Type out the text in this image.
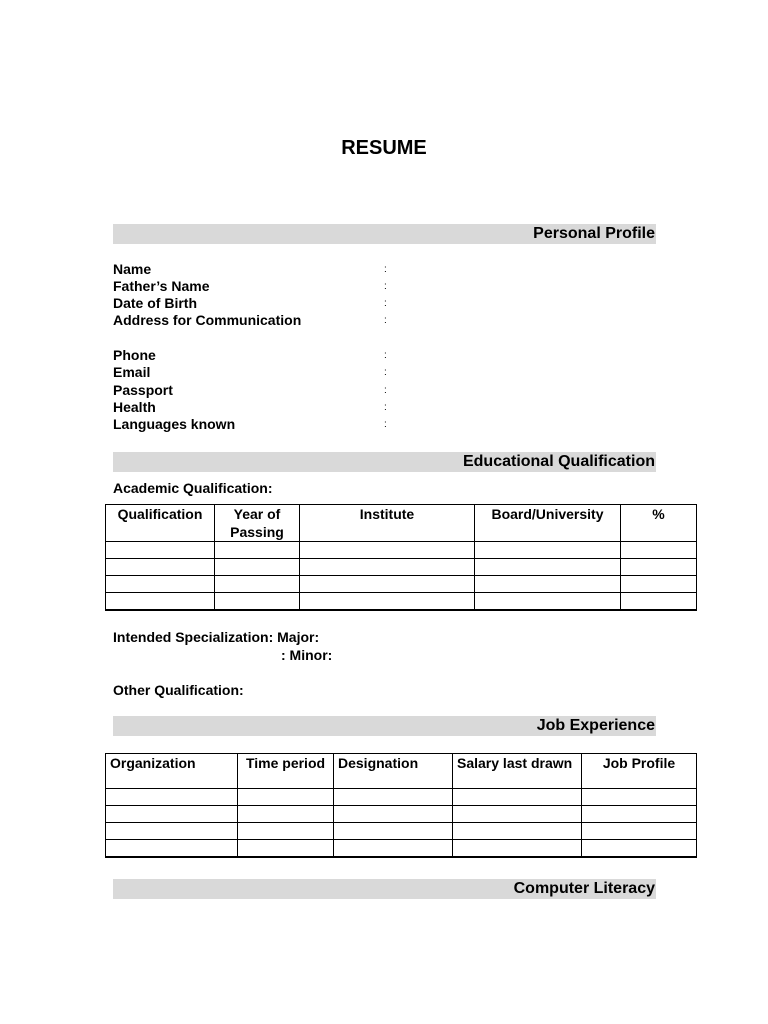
RESUME
Personal Profile
Name	:
Father’s Name	:
Date of Birth	:
Address for Communication	:
Phone	:
Email	:
Passport	:
Health	:
Languages known	:
Educational Qualification
Academic Qualification:
Qualification	Year of Passing	Institute	Board/University	%

Intended Specialization: Major:
: Minor:
Other Qualification:
Job Experience
Organization	Time period	Designation	Salary last drawn	Job Profile

Computer Literacy
